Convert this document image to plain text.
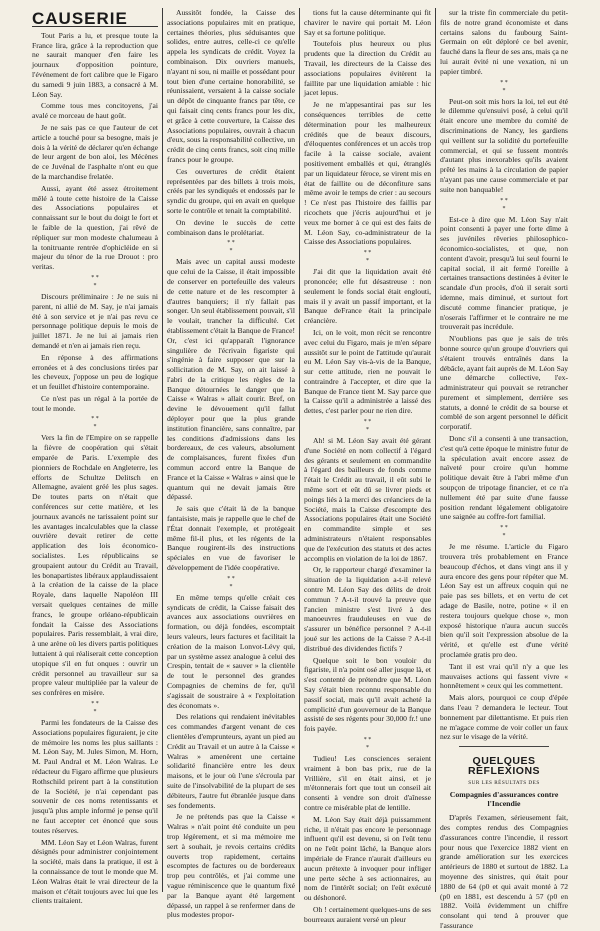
CAUSERIE

Tout Paris a lu, et presque toute la France lira, grâce à la reproduction que ne saurait manquer d'en faire les journaux d'opposition pointure, l'événement de fort calibre que le Figaro du samedi 9 juin 1883, a consacré à M. Léon Say.

Comme tous mes concitoyens, j'ai avalé ce morceau de haut goût.

Je ne sais pas ce que l'auteur de cet article a touché pour sa besogne, mais je dois à la vérité de déclarer qu'en échange de leur argent de bon aloi, les Mécènes de ce Juvénal de l'asphalte n'ont eu que de la marchandise frelatée.

Aussi, ayant été assez étroitement mêlé à toute cette histoire de la Caisse des Associations populaires et connaissant sur le bout du doigt le fort et le faible de la question, j'ai rêvé de répliquer sur mon modeste chalumeau à la tonitruante rentrée d'ophicléide en si majeur du ténor de la rue Drouot : pro veritas.

* *
*

Discours préliminaire : Je ne suis ni parent, ni allié de M. Say, je n'ai jamais été à son service et je n'ai pas revu ce personnage politique depuis le mois de juillet 1871. Je ne lui ai jamais rien demandé et n'en ai jamais rien reçu.

En réponse à des affirmations erronées et à des conclusions tirées par les cheveux, j'oppose un peu de logique et un feuillet d'histoire contemporaine.

Ce n'est pas un régal à la portée de tout le monde.

* *
*

Vers la fin de l'Empire on se rappelle la fièvre de coopération qui s'était emparée de Paris. L'exemple des pionniers de Rochdale en Angleterre, les efforts de Schultze Delitsch en Allemagne, avaient gréé les plus sages. De toutes parts on n'était que conférences sur cette matière, et les journaux avancés ne tarissaient point sur les avantages incalculables que la classe ouvrière devait retirer de cette application des lois économico-socialistes. Les républicains se groupaient autour du Crédit au Travail, les bonapartistes libéraux applaudissaient à la création de la caisse de la place Royale, dans laquelle Napoléon III versait quelques centaines de mille francs, le groupe orléano-républicain fondait la Caisse des Associations populaires. Paris ressemblait, à vrai dire, à une arène où les divers partis politiques luttaient à qui réaliserait cette conception utopique s'il en fut onques : ouvrir un crédit personnel au travailleur sur sa propre valeur multipliée par la valeur de ses confrères en misère.

* *
*

Parmi les fondateurs de la Caisse des Associations populaires figuraient, je cite de mémoire les noms les plus saillants : M. Léon Say, M. Jules Simon, M. Horn, M. Paul Andral et M. Léon Walras. Le rédacteur du Figaro affirme que plusieurs Rothschild prirent part à la constitution de la Société, je n'ai cependant pas souvenir de ces noms retentissants et jusqu'à plus ample informé je pense qu'il ne faut accepter cet énoncé que sous toutes réserves.

MM. Léon Say et Léon Walras, furent désignés pour administrer conjointement la société, mais dans la pratique, il est à la connaissance de tout le monde que M. Léon Walras était le vrai directeur de la maison et c'était toujours avec lui que les clients traitaient.

Aussitôt fondée, la Caisse des associations populaires mit en pratique, certaines théories, plus séduisantes que solides, entre autres, celle-ci ce qu'elle appela les syndicats de crédit. Voyez la combinaison. Dix ouvriers manuels, n'ayant ni sou, ni maille et possédant pour tout bien d'une certaine honorabilité, se réunissaient, versaient à la caisse sociale un dépôt de cinquante francs par tête, ce qui faisait cinq cents francs pour les dix, et grâce à cette couverture, la Caisse des Associations populaires, ouvrait à chacun d'eux, sous la responsabilité collective, un crédit de cinq cents francs, soit cinq mille francs pour le groupe.

Ces ouvertures de crédit étaient représentées par des billets à trois mois, créés par les syndiqués et endossés par le syndic du groupe, qui en avait en quelque sorte le contrôle et tenait la comptabilité.

On devine le succès de cette combinaison dans le prolétariat.

* *
*

Mais avec un capital aussi modeste que celui de la Caisse, il était impossible de conserver en portefeuille des valeurs de cette nature et de les rescompter à d'autres banquiers; il n'y fallait pas songer. Un seul établissement pouvait, s'il le voulait, trancher la difficulté. Cet établissement c'était la Banque de France! Or, c'est ici qu'apparaît l'ignorance singulière de l'écrivain figariste qui s'ingénie à faire supposer que sur la sollicitation de M. Say, on ait laissé à l'abri de la critique les règles de la Banque détournées le danger que la Caisse « Walras » allait courir. Bref, on devine le dévouement qu'il fallut déployer pour que la plus grande institution financière, sans connaître, par les conditions d'admissions dans les bordereaux, de ces valeurs, absolument de complaisances, furent fixées d'un commun accord entre la Banque de France et la Caisse « Walras » ainsi que le quantum qui ne devait jamais être dépassé.

Je sais que c'était là de la banque fantaisiste, mais je rappelle que le chef de l'État donnait l'exemple, et protégeait même fil-il plus, et les régents de la Banque rougirent-ils des instructions spéciales en vue de favoriser le développement de l'idée coopérative.

* *
*

En même temps qu'elle créait ces syndicats de crédit, la Caisse faisait des avances aux associations ouvrières en formation, ou déjà fondées, escomptait leurs valeurs, leurs factures et facilitait la création de la maison Lonvot-Lévy qui, par un système assez analogue à celui des Crespin, tentait de « sauver » la clientèle de tout le personnel des grandes Compagnies de chemins de fer, qu'il s'agissait de soustraire à « l'exploitation des économats ».

Des relations qui rendaient inévitables ces commandes d'argent venant de ces clientèles d'emprunteurs, ayant un pied au Crédit au Travail et un autre à la Caisse « Walras » amenèrent une certaine solidarité financière entre les deux maisons, et le jour où l'une s'écroula par suite de l'insolvabilité de la plupart de ses débiteurs, l'autre fut ébranlée jusque dans ses fondements.

Je ne prétends pas que la Caisse « Walras » n'ait point été conduite un peu trop légèrement, et si ma mémoire me sert à souhait, je revois certains crédits ouverts trop rapidement, certains escomptes de factures ou de bordereaux trop peu contrôlés, et j'ai comme une vague réminiscence que le quantum fixé par la Banque ayant été largement dépassé, un rappel à se renfermer dans de plus modestes propor-

tions fut la cause déterminante qui fit chavirer le navire qui portait M. Léon Say et sa fortune politique.

Toutefois plus heureux ou plus prudents que la direction du Crédit au Travail, les directeurs de la Caisse des associations populaires évitèrent la faillite par une liquidation amiable : hic jacet lepus.

Je ne m'appesantirai pas sur les conséquences terribles de cette détermination pour les malheureux crédités que de beaux discours, d'éloquentes conférences et un accès trop facile à la caisse sociale, avaient positivement emballés et qui, étranglés par un liquidateur féroce, se virent mis en état de faillite ou de déconfiture sans même avoir le temps de crier : au secours ! Ce n'est pas l'histoire des faillis par ricochets que j'écris aujourd'hui et je veux me borner à ce qui est des faits de M. Léon Say, co-administrateur de la Caisse des Associations populaires.

* *
*

J'ai dit que la liquidation avait été prononcée; elle fut désastreuse : non seulement le fonds social était englouti, mais il y avait un passif important, et la Banque deFrance était la principale créancière.

Ici, on le voit, mon récit se rencontre avec celui du Figaro, mais je m'en sépare aussitôt sur le point de l'attitude qu'aurait eu M. Léon Say vis-à-vis de la Banque, sur cette attitude, rien ne pouvait le contraindre à l'accepter, et dire que la Banque de France tient M. Say parce que la Caisse qu'il a administrée a laissé des dettes, c'est parler pour ne rien dire.

* *
*

Ah! si M. Léon Say avait été gérant d'une Société en nom collectif à l'égard des gérants et seulement en commandite à l'égard des bailleurs de fonds comme l'était le Crédit au travail, il eût subi le même sort et eût dû se livrer pieds et poings liés à la merci des créanciers de la Société, mais la Caisse d'escompte des Associations populaires était une Société en commandite simple et ses administrateurs n'étaient responsables que de l'exécution des statuts et des actes accomplis en violation de la loi de 1867.

Or, le rapporteur chargé d'examiner la situation de la liquidation a-t-il relevé contre M. Léon Say des délits de droit commun ? A-t-il trouvé la preuve que l'ancien ministre s'est livré à des manoeuvres frauduleuses en vue de s'assurer un bénéfice personnel ? A-t-il joué sur les actions de la Caisse ? A-t-il distribué des dividendes fictifs ?

Quelque soit le bon vouloir du figariste, il n'a point osé aller jusque là, et s'est contenté de prétendre que M. Léon Say s'était bien reconnu responsable du passif social, mais qu'il avait acheté la complicité d'un gouverneur de la Banque assisté de ses régents pour 30,000 fr.! une fois payée.

* *
*

Tudieu! Les consciences seraient vraiment à bon bas prix, rue de la Vrillière, s'il en était ainsi, et je m'étonnerais fort que tout un conseil ait consenti à vendre son droit d'aînesse contre ce misérable plat de lentille.

M. Léon Say était déjà puissamment riche, il n'était pas encore le personnage influent qu'il est devenu, si on l'eût tenu on ne l'eût point lâché, la Banque alors impériale de France n'aurait d'ailleurs eu aucun prétexte à invoquer pour infliger une perte sèche à ses actionnaires, au nom de l'intérêt social; on l'eût exécuté ou déshonoré.

Oh ! certainement quelques-uns de ses bourreaux auraient versé un pleur

sur la triste fin commerciale du petit-fils de notre grand économiste et dans certains salons du faubourg Saint-Germain on eût déploré ce bel avenir, fauché dans la fleur de ses ans, mais ça ne lui aurait évité ni une vexation, ni un papier timbré.

* *
*

Peut-on soit mis hors la loi, tel eut été le dilemme qu'ensuivi posé, à celui qu'il était encore une membre du comité de discriminations de Nancy, les gardiens qui veillent sur la solidité du portefeuille commercial, et qui se fussent montrés d'autant plus inexorables qu'ils avaient prêté les mains à la circulation de papier n'ayant pas une cause commerciale et par suite non banquable!

* *
*

Est-ce à dire que M. Léon Say n'ait point consenti à payer une forte dîme à ses juvéniles rêveries philosophico-économico-socialistes, et que, non content d'avoir, presqu'à lui seul fourni le capital social, il ait fermé l'oreille à certaines transactions destinées à éviter le scandale d'un procès, d'où il serait sorti idemne, mais diminué, et surtout fort discuté comme financier pratique, je n'oserais l'affirmer et le contraire ne me trouverait pas incrédule.

N'oublions pas que je sais de très bonne source qu'un groupe d'ouvriers qui s'étaient trouvés entraînés dans la débâcle, ayant fait auprès de M. Léon Say une démarche collective, l'ex-administrateur qui pouvait se retrancher purement et simplement, derrière ses statuts, a donné le crédit de sa bourse et comblé de son argent personnel le déficit corporatif.

Donc s'il a consenti à une transaction, c'est qu'à cette époque le ministre futur de la spéculation avait encore assez de naïveté pour croire qu'un homme politique devait être à l'abri même d'un soupçon de tripotage financier, et ce n'a nullement été par suite d'une fausse position rendant légalement obligatoire une saignée au coffre-fort familial.

* *
*

Je me résume. L'article du Figaro trouvera très probablement en France beaucoup d'échos, et dans vingt ans il y aura encore des gens pour répéter que M. Léon Say est un affreux coquin qui ne paie pas ses billets, et en vertu de cet adage de Basile, notre, potine « il en restera toujours quelque chose », mon exposé historique n'aura aucun succès bien qu'il soit l'expression absolue de la vérité, et qu'elle est d'une vérité proclamée gratis pro deo.

Tant il est vrai qu'il n'y a que les mauvaises actions qui fassent vivre « honnêtement » ceux qui les commettent.

Mais alors, pourquoi ce coup d'épée dans l'eau ? demandera le lecteur. Tout bonnement par dilettantisme. Et puis rien ne m'agace comme de voir coller un faux nez sur le visage de la vérité.

QUELQUES RÉFLEXIONS
SUR LES RÉSULTATS DES
Compagnies d'assurances contre l'Incendie

D'après l'examen, sérieusement fait, des comptes rendus des Compagnies d'assurances contre l'incendie, il ressort pour nous que l'exercice 1882 vient en grande amélioration sur les exercices antérieurs de 1880 et surtout de 1882. La moyenne des sinistres, qui était pour 1880 de 64 (p0 et qui avait monté à 72 (p0 en 1881, est descendu à 57 (p0 en 1882. Voilà évidemment un chiffre consolant qui tend à prouver que l'assurance
